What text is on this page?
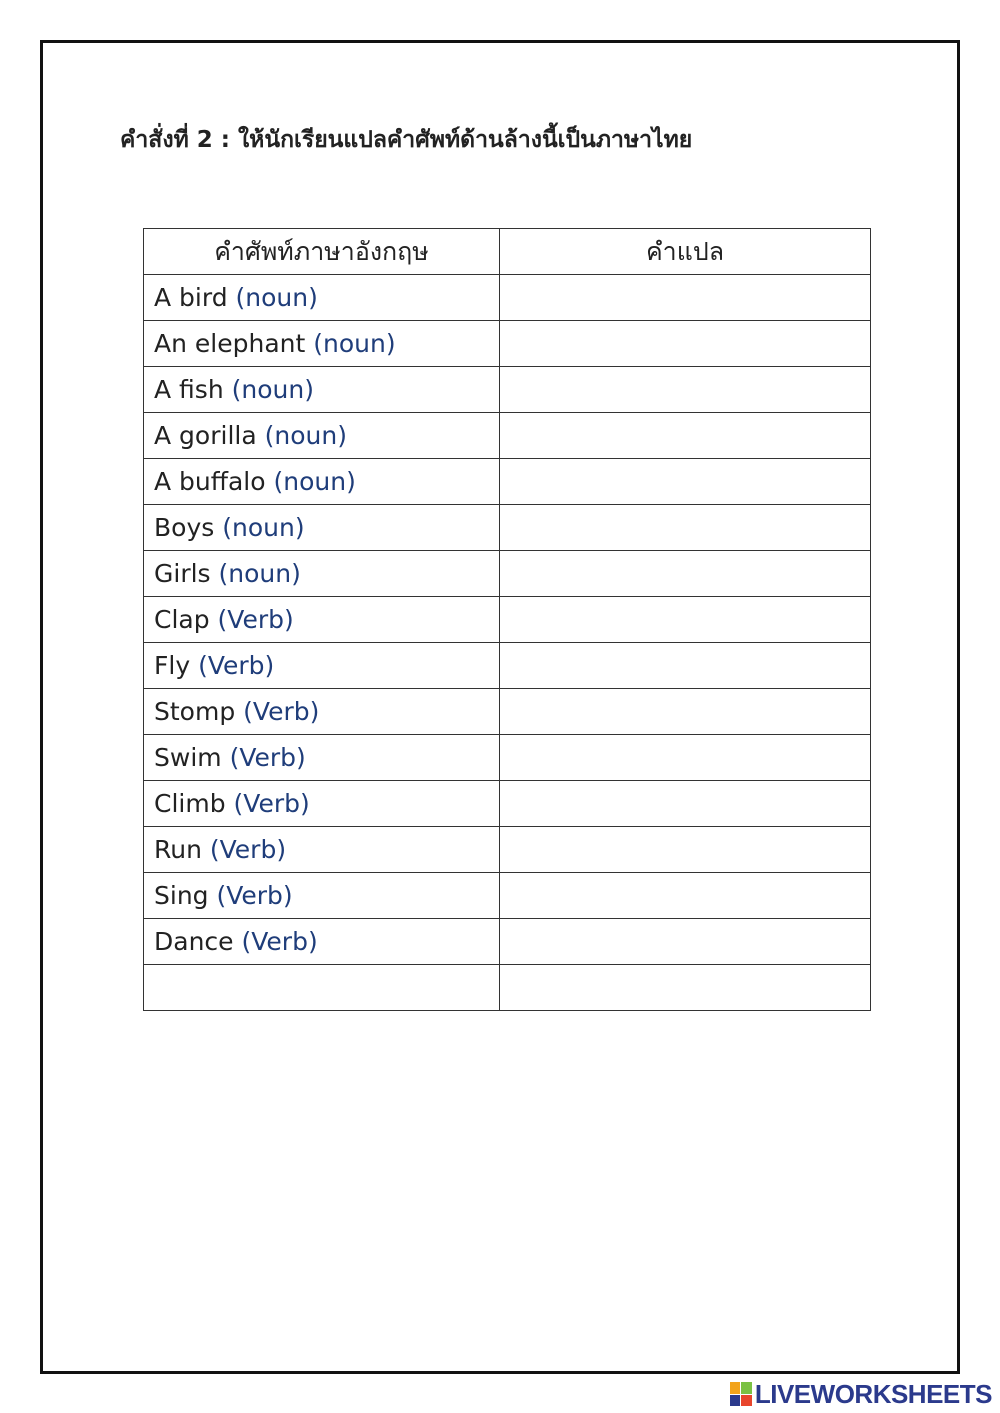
คำสั่งที่ 2 : ให้นักเรียนแปลคำศัพท์ด้านล้างนี้เป็นภาษาไทย
คำศัพท์ภาษาอังกฤษ	คำแปล
A bird (noun)	
An elephant (noun)	
A fish (noun)	
A gorilla (noun)	
A buffalo (noun)	
Boys (noun)	
Girls (noun)	
Clap (Verb)	
Fly (Verb)	
Stomp (Verb)	
Swim (Verb)	
Climb (Verb)	
Run (Verb)	
Sing (Verb)	
Dance (Verb)	

LIVEWORKSHEETS
